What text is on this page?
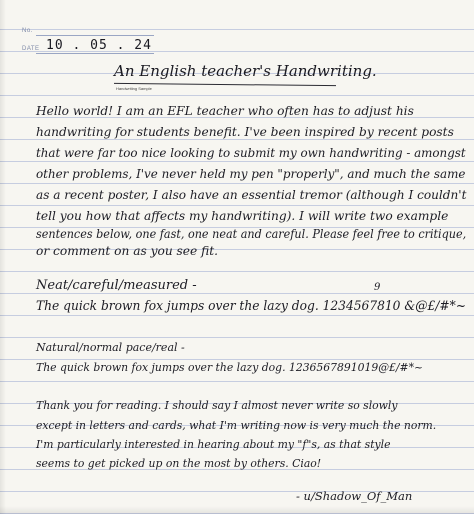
No.
DATE 10 . 05 . 24
An English teacher's Handwriting.
Handwriting Sample
Hello world! I am an EFL teacher who often has to adjust his
handwriting for students benefit. I've been inspired by recent posts
that were far too nice looking to submit my own handwriting - amongst
other problems, I've never held my pen "properly", and much the same
as a recent poster, I also have an essential tremor (although I couldn't
tell you how that affects my handwriting). I will write two example
sentences below, one fast, one neat and careful. Please feel free to critique,
or comment on as you see fit.
Neat/careful/measured -	9
The quick brown fox jumps over the lazy dog. 1234567810 &@£/#*~
Natural/normal pace/real -
The quick brown fox jumps over the lazy dog. 1236567891019@£/#*~
Thank you for reading. I should say I almost never write so slowly
except in letters and cards, what I'm writing now is very much the norm.
I'm particularly interested in hearing about my "f"s, as that style
seems to get picked up on the most by others. Ciao!
- u/Shadow_Of_Man
